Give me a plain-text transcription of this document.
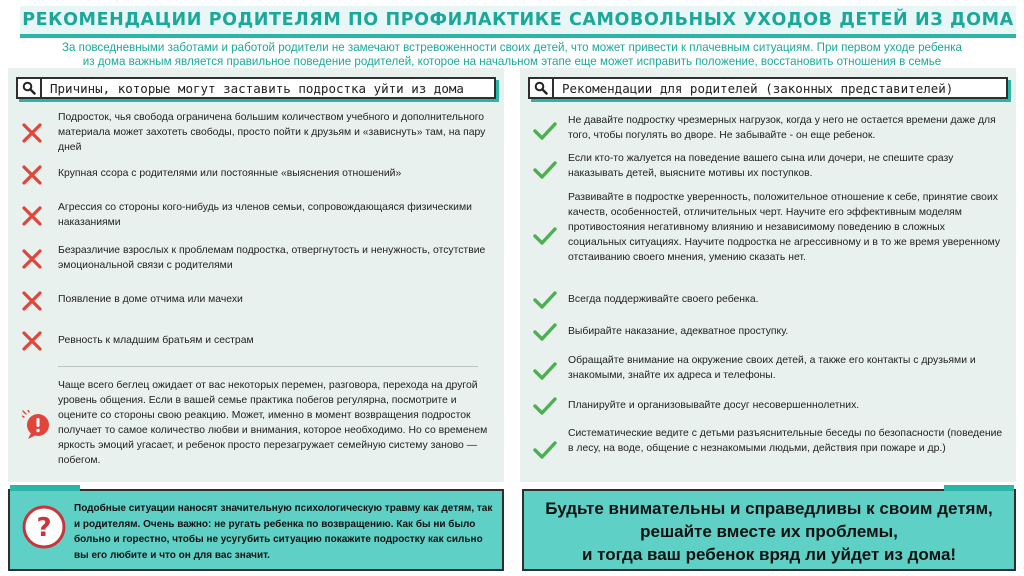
РЕКОМЕНДАЦИИ РОДИТЕЛЯМ ПО ПРОФИЛАКТИКЕ САМОВОЛЬНЫХ УХОДОВ ДЕТЕЙ ИЗ ДОМА
За повседневными заботами и работой родители не замечают встревоженности своих детей, что может привести к плачевным ситуациям. При первом уходе ребенка
из дома важным является правильное поведение родителей, которое на начальном этапе еще может исправить положение, восстановить отношения в семье
Причины, которые могут заставить подростка уйти из дома
Подросток, чья свобода ограничена большим количеством учебного и дополнительного материала может захотеть свободы, просто пойти к друзьям и «зависнуть» там, на пару дней
Крупная ссора с родителями или постоянные «выяснения отношений»
Агрессия со стороны кого-нибудь из членов семьи, сопровождающаяся физическими наказаниями
Безразличие взрослых к проблемам подростка, отвергнутость и ненужность, отсутствие эмоциональной связи с родителями
Появление в доме отчима или мачехи
Ревность к младшим братьям и сестрам
Чаще всего беглец ожидает от вас некоторых перемен, разговора, перехода на другой уровень общения. Если в вашей семье практика побегов регулярна, посмотрите и оцените со стороны свою реакцию. Может, именно в момент возвращения подросток получает то самое количество любви и внимания, которое необходимо. Но со временем яркость эмоций угасает, и ребенок просто перезагружает семейную систему заново — побегом.
Рекомендации для родителей (законных представителей)
Не давайте подростку чрезмерных нагрузок, когда у него не остается времени даже для того, чтобы погулять во дворе. Не забывайте - он еще ребенок.
Если кто-то жалуется на поведение вашего сына или дочери, не спешите сразу наказывать детей, выясните мотивы их поступков.
Развивайте в подростке уверенность, положительное отношение к себе, принятие своих качеств, особенностей, отличительных черт. Научите его эффективным моделям противостояния негативному влиянию и независимому поведению в сложных социальных ситуациях. Научите подростка не агрессивному и в то же время уверенному отстаиванию своего мнения, умению сказать нет.
Всегда поддерживайте своего ребенка.
Выбирайте наказание, адекватное проступку.
Обращайте внимание на окружение своих детей, а также его контакты с друзьями и знакомыми, знайте их адреса и телефоны.
Планируйте и организовывайте досуг несовершеннолетних.
Систематические ведите с детьми разъяснительные беседы по безопасности (поведение в лесу, на воде, общение с незнакомыми людьми, действия при пожаре и др.)
?
Подобные ситуации наносят значительную психологическую травму как детям, так и родителям. Очень важно: не ругать ребенка по возвращению. Как бы ни было больно и горестно, чтобы не усугубить ситуацию покажите подростку как сильно вы его любите и что он для вас значит.
Будьте внимательны и справедливы к своим детям,
решайте вместе их проблемы,
и тогда ваш ребенок вряд ли уйдет из дома!
